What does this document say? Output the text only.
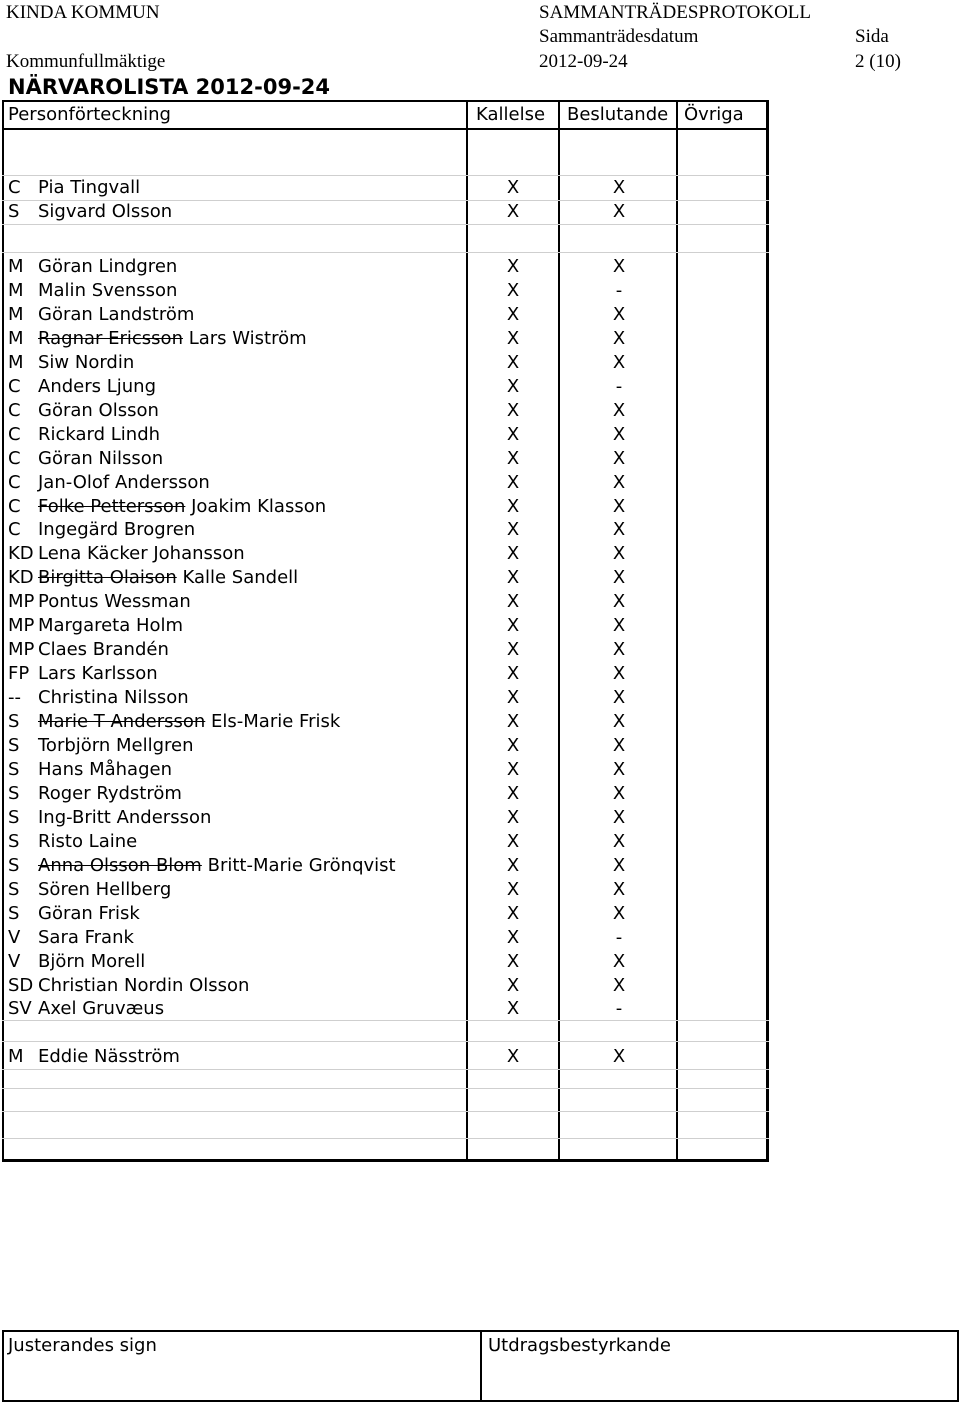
KINDA KOMMUN	SAMMANTRÄDESPROTOKOLL
Sammanträdesdatum	Sida
Kommunfullmäktige	2012-09-24	2 (10)
NÄRVAROLISTA 2012-09-24
Personförteckning	Kallelse Beslutande Övriga
C Pia Tingvall	X	X
S Sigvard Olsson	X	X
M Göran Lindgren	X	X
M Malin Svensson	X	-
M Göran Landström	X	X
M Ragnar Ericsson Lars Wiström	X	X
M Siw Nordin	X	X
C Anders Ljung	X	-
C Göran Olsson	X	X
C Rickard Lindh	X	X
C Göran Nilsson	X	X
C Jan-Olof Andersson	X	X
C Folke Pettersson Joakim Klasson	X	X
C Ingegärd Brogren	X	X
KD Lena Käcker Johansson	X	X
KD Birgitta Olaison Kalle Sandell	X	X
MP Pontus Wessman	X	X
MP Margareta Holm	X	X
MP Claes Brandén	X	X
FP Lars Karlsson	X	X
-- Christina Nilsson	X	X
S Marie T Andersson Els-Marie Frisk	X	X
S Torbjörn Mellgren	X	X
S Hans Måhagen	X	X
S Roger Rydström	X	X
S Ing-Britt Andersson	X	X
S Risto Laine	X	X
S Anna Olsson Blom Britt-Marie Grönqvist	X	X
S Sören Hellberg	X	X
S Göran Frisk	X	X
V Sara Frank	X	-
V Björn Morell	X	X
SD Christian Nordin Olsson	X	X
SV Axel Gruvæus	X	-
M Eddie Näsström	X	X
Justerandes sign	Utdragsbestyrkande
